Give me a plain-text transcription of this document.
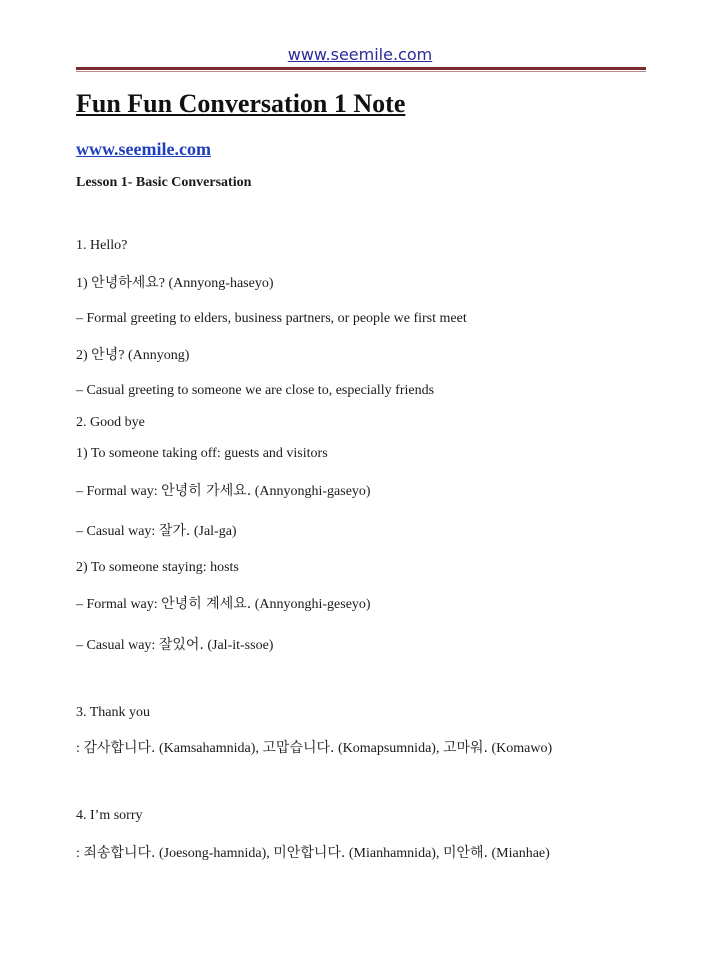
www.seemile.com
Fun Fun Conversation 1 Note
www.seemile.com
Lesson 1- Basic Conversation
1. Hello?
1) 안녕하세요? (Annyong-haseyo)
– Formal greeting to elders, business partners, or people we first meet
2) 안녕? (Annyong)
– Casual greeting to someone we are close to, especially friends
2. Good bye
1) To someone taking off: guests and visitors
– Formal way: 안녕히 가세요. (Annyonghi-gaseyo)
– Casual way: 잘가. (Jal-ga)
2) To someone staying: hosts
– Formal way: 안녕히 계세요. (Annyonghi-geseyo)
– Casual way: 잘있어. (Jal-it-ssoe)
3. Thank you
: 감사합니다. (Kamsahamnida), 고맙습니다. (Komapsumnida), 고마워. (Komawo)
4. I’m sorry
: 죄송합니다. (Joesong-hamnida), 미안합니다. (Mianhamnida), 미안해. (Mianhae)
